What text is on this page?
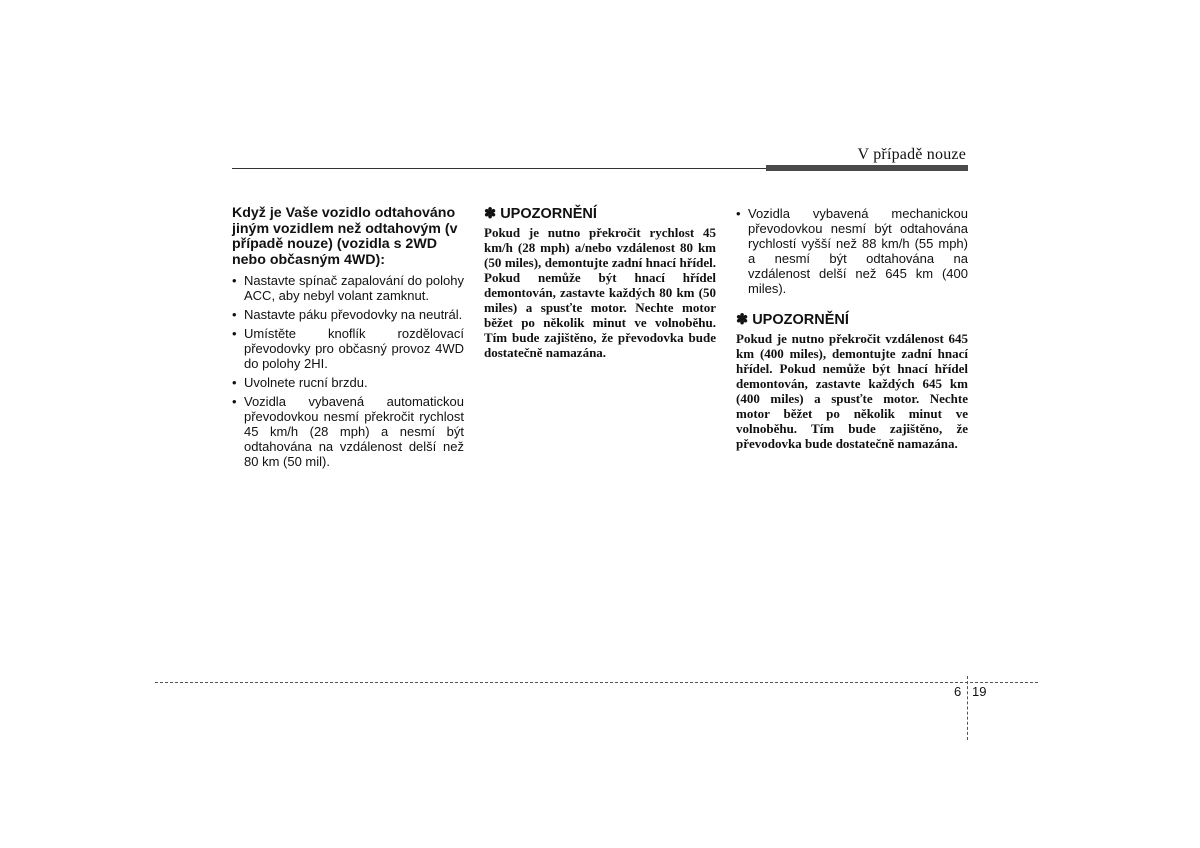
V případě nouze
Když je Vaše vozidlo odtahováno jiným vozidlem než odtahovým (v případě nouze) (vozidla s 2WD nebo občasným 4WD):
• Nastavte spínač zapalování do polohy ACC, aby nebyl volant zamknut.
• Nastavte páku převodovky na neutrál.
• Umístěte knoflík rozdělovací převodovky pro občasný provoz 4WD do polohy 2HI.
• Uvolnete rucní brzdu.
• Vozidla vybavená automatickou převodovkou nesmí překročit rychlost 45 km/h (28 mph) a nesmí být odtahována na vzdálenost delší než 80 km (50 mil).
✽ UPOZORNĚNÍ
Pokud je nutno překročit rychlost 45 km/h (28 mph) a/nebo vzdálenost 80 km (50 miles), demontujte zadní hnací hřídel. Pokud nemůže být hnací hřídel demontován, zastavte každých 80 km (50 miles) a spusťte motor. Nechte motor běžet po několik minut ve volnoběhu. Tím bude zajištěno, že převodovka bude dostatečně namazána.
• Vozidla vybavená mechanickou převodovkou nesmí být odtahována rychlostí vyšší než 88 km/h (55 mph) a nesmí být odtahována na vzdálenost delší než 645 km (400 miles).
✽ UPOZORNĚNÍ
Pokud je nutno překročit vzdálenost 645 km (400 miles), demontujte zadní hnací hřídel. Pokud nemůže být hnací hřídel demontován, zastavte každých 645 km (400 miles) a spusťte motor. Nechte motor běžet po několik minut ve volnoběhu. Tím bude zajištěno, že převodovka bude dostatečně namazána.
6 19
